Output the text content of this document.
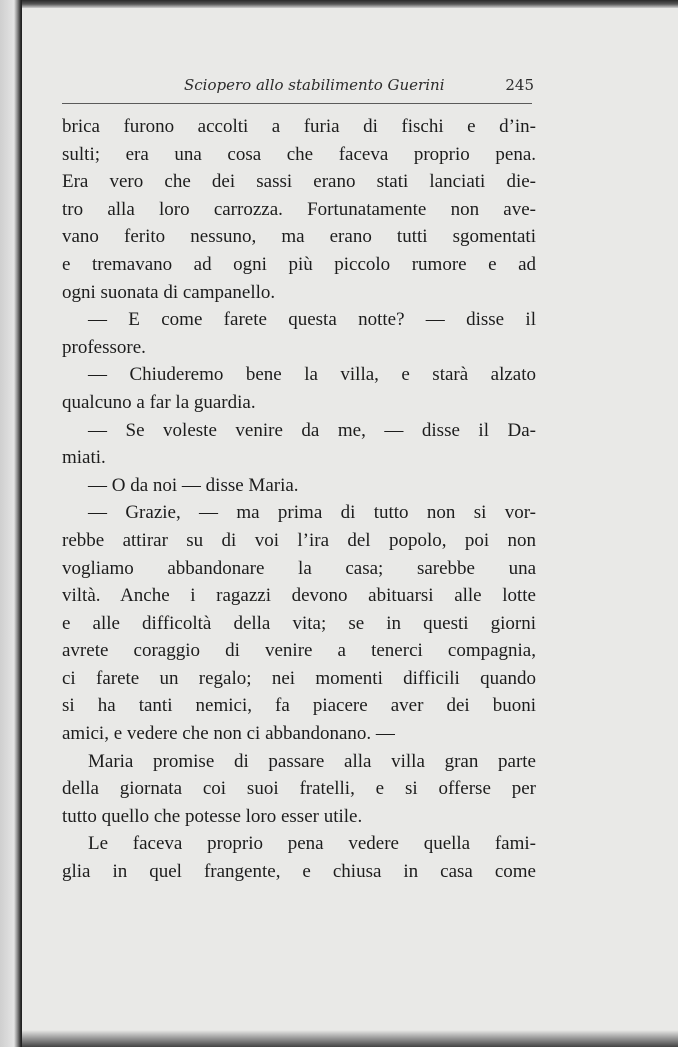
Sciopero allo stabilimento Guerini	245
brica furono accolti a furia di fischi e d’in-
sulti; era una cosa che faceva proprio pena.
Era vero che dei sassi erano stati lanciati die-
tro alla loro carrozza. Fortunatamente non ave-
vano ferito nessuno, ma erano tutti sgomentati
e tremavano ad ogni più piccolo rumore e ad
ogni suonata di campanello.
— E come farete questa notte? — disse il
professore.
— Chiuderemo bene la villa, e starà alzato
qualcuno a far la guardia.
— Se voleste venire da me, — disse il Da-
miati.
— O da noi — disse Maria.
— Grazie, — ma prima di tutto non si vor-
rebbe attirar su di voi l’ira del popolo, poi non
vogliamo abbandonare la casa; sarebbe una
viltà. Anche i ragazzi devono abituarsi alle lotte
e alle difficoltà della vita; se in questi giorni
avrete coraggio di venire a tenerci compagnia,
ci farete un regalo; nei momenti difficili quando
si ha tanti nemici, fa piacere aver dei buoni
amici, e vedere che non ci abbandonano. —
Maria promise di passare alla villa gran parte
della giornata coi suoi fratelli, e si offerse per
tutto quello che potesse loro esser utile.
Le faceva proprio pena vedere quella fami-
glia in quel frangente, e chiusa in casa come
